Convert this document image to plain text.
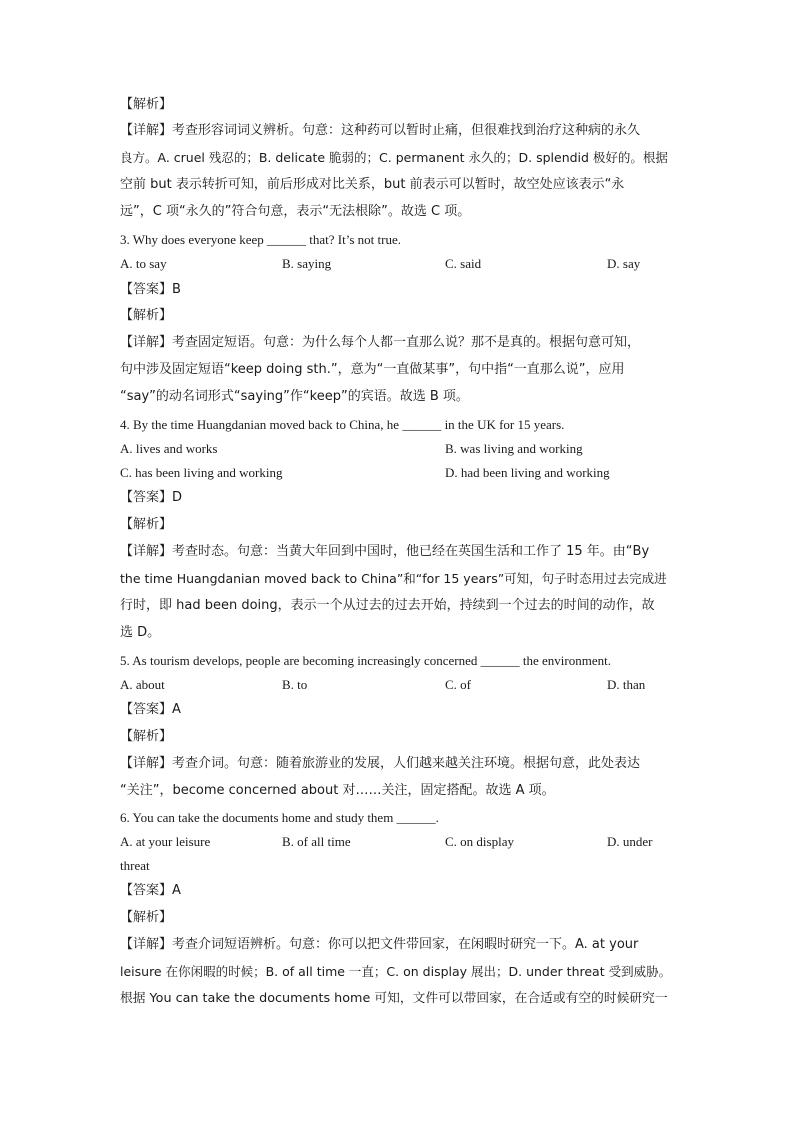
【解析】
【详解】考查形容词词义辨析。句意：这种药可以暂时止痛，但很难找到治疗这种病的永久
良方。A. cruel 残忍的；B. delicate 脆弱的；C. permanent 永久的；D. splendid 极好的。根据
空前 but 表示转折可知，前后形成对比关系，but 前表示可以暂时，故空处应该表示“永
远”，C 项“永久的”符合句意，表示“无法根除”。故选 C 项。
3. Why does everyone keep ______ that? It’s not true.
A. to say	B. saying	C. said	D. say
【答案】B
【解析】
【详解】考查固定短语。句意：为什么每个人都一直那么说？那不是真的。根据句意可知，
句中涉及固定短语“keep doing sth.”，意为“一直做某事”，句中指“一直那么说”，应用
“say”的动名词形式“saying”作“keep”的宾语。故选 B 项。
4. By the time Huangdanian moved back to China, he ______ in the UK for 15 years.
A. lives and works	B. was living and working
C. has been living and working	D. had been living and working
【答案】D
【解析】
【详解】考查时态。句意：当黄大年回到中国时，他已经在英国生活和工作了 15 年。由“By
the time Huangdanian moved back to China”和“for 15 years”可知，句子时态用过去完成进
行时，即 had been doing，表示一个从过去的过去开始，持续到一个过去的时间的动作，故
选 D。
5. As tourism develops, people are becoming increasingly concerned ______ the environment.
A. about	B. to	C. of	D. than
【答案】A
【解析】
【详解】考查介词。句意：随着旅游业的发展，人们越来越关注环境。根据句意，此处表达
“关注”，become concerned about 对……关注，固定搭配。故选 A 项。
6. You can take the documents home and study them ______.
A. at your leisure	B. of all time	C. on display	D. under
threat
【答案】A
【解析】
【详解】考查介词短语辨析。句意：你可以把文件带回家，在闲暇时研究一下。A. at your
leisure 在你闲暇的时候；B. of all time 一直；C. on display 展出；D. under threat 受到威胁。
根据 You can take the documents home 可知，文件可以带回家，在合适或有空的时候研究一
